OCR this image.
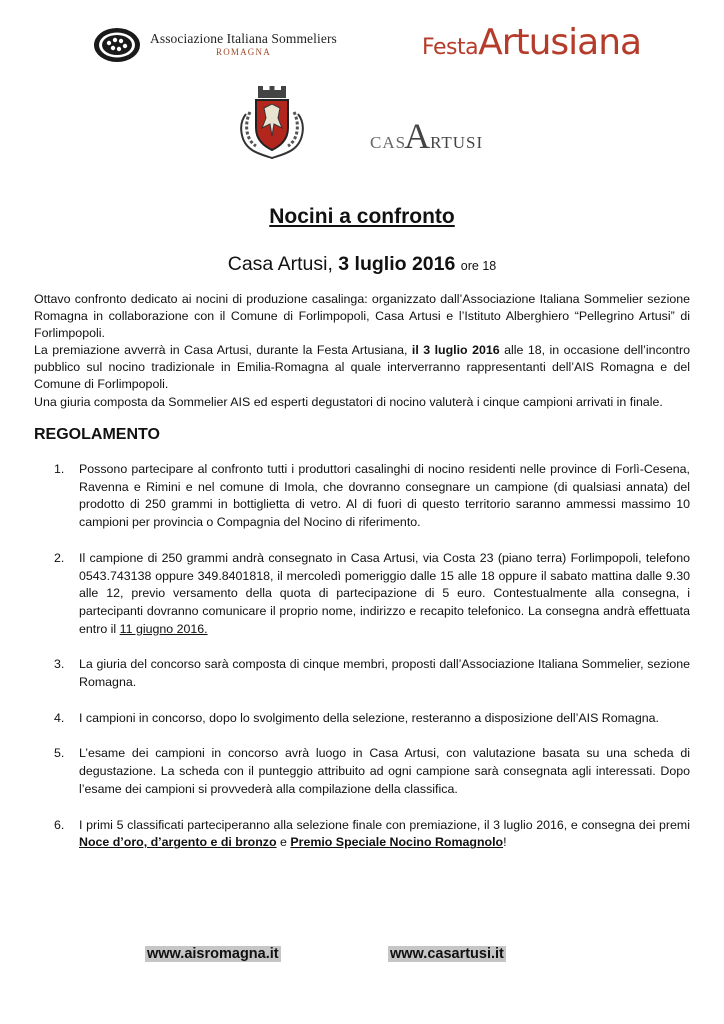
Associazione Italiana Sommeliers
ROMAGNA	FestaArtusiana
CASARTUSI
Nocini a confronto
Casa Artusi, 3 luglio 2016 ore 18

Ottavo confronto dedicato ai nocini di produzione casalinga: organizzato dall’Associazione Italiana Sommelier sezione Romagna in collaborazione con il Comune di Forlimpopoli, Casa Artusi e l’Istituto Alberghiero “Pellegrino Artusi” di Forlimpopoli.

La premiazione avverrà in Casa Artusi, durante la Festa Artusiana, il 3 luglio 2016 alle 18, in occasione dell’incontro pubblico sul nocino tradizionale in Emilia-Romagna al quale interverranno rappresentanti dell’AIS Romagna e del Comune di Forlimpopoli.

Una giuria composta da Sommelier AIS ed esperti degustatori di nocino valuterà i cinque campioni arrivati in finale.

REGOLAMENTO
1. Possono partecipare al confronto tutti i produttori casalinghi di nocino residenti nelle province di Forlì-Cesena, Ravenna e Rimini e nel comune di Imola, che dovranno consegnare un campione (di qualsiasi annata) del prodotto di 250 grammi in bottiglietta di vetro. Al di fuori di questo territorio saranno ammessi massimo 10 campioni per provincia o Compagnia del Nocino di riferimento.
2. Il campione di 250 grammi andrà consegnato in Casa Artusi, via Costa 23 (piano terra) Forlimpopoli, telefono 0543.743138 oppure 349.8401818, il mercoledì pomeriggio dalle 15 alle 18 oppure il sabato mattina dalle 9.30 alle 12, previo versamento della quota di partecipazione di 5 euro. Contestualmente alla consegna, i partecipanti dovranno comunicare il proprio nome, indirizzo e recapito telefonico. La consegna andrà effettuata entro il 11 giugno 2016.
3. La giuria del concorso sarà composta di cinque membri, proposti dall’Associazione Italiana Sommelier, sezione Romagna.
4. I campioni in concorso, dopo lo svolgimento della selezione, resteranno a disposizione dell’AIS Romagna.
5. L’esame dei campioni in concorso avrà luogo in Casa Artusi, con valutazione basata su una scheda di degustazione. La scheda con il punteggio attribuito ad ogni campione sarà consegnata agli interessati. Dopo l’esame dei campioni si provvederà alla compilazione della classifica.
6. I primi 5 classificati parteciperanno alla selezione finale con premiazione, il 3 luglio 2016, e consegna dei premi Noce d’oro, d’argento e di bronzo e Premio Speciale Nocino Romagnolo!
www.aisromagna.it	www.casartusi.it
